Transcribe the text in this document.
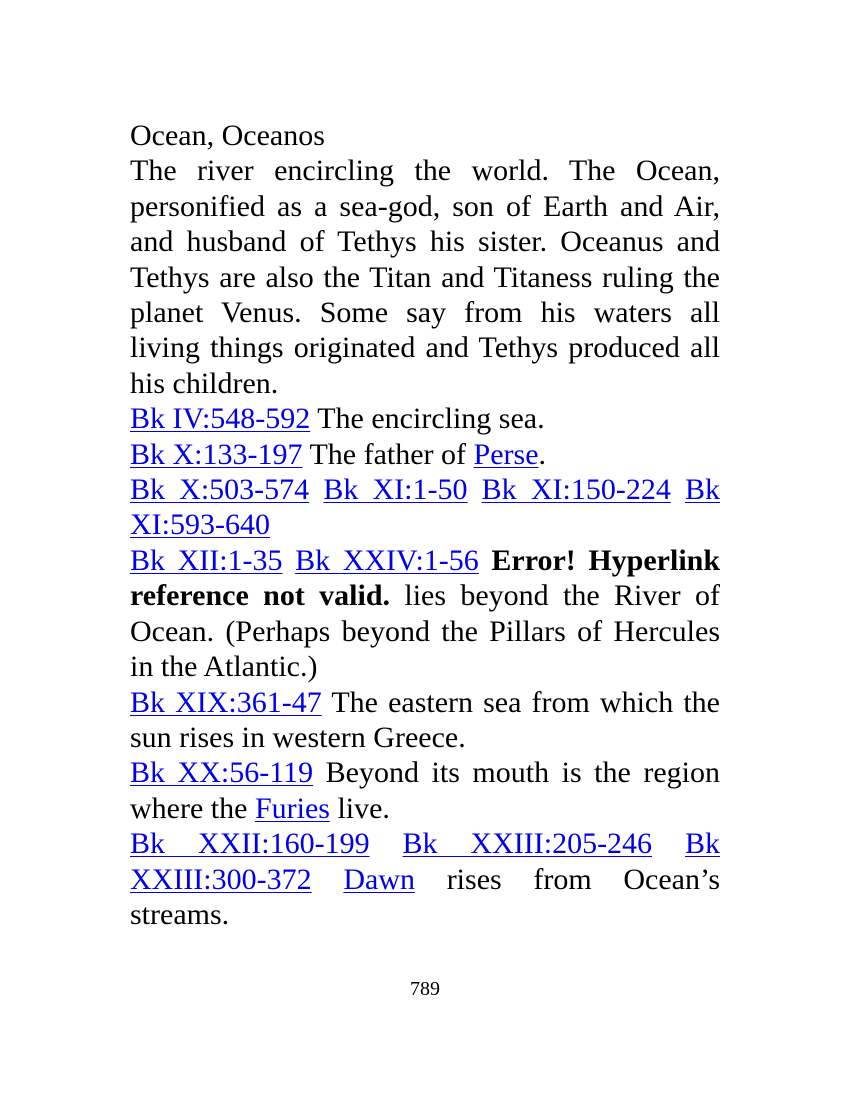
Ocean, Oceanos

The river encircling the world. The Ocean, personified as a sea-god, son of Earth and Air, and husband of Tethys his sister. Oceanus and Tethys are also the Titan and Titaness ruling the planet Venus. Some say from his waters all living things originated and Tethys produced all his children.

Bk IV:548-592 The encircling sea.

Bk X:133-197 The father of Perse.

Bk X:503-574 Bk XI:1-50 Bk XI:150-224 Bk XI:593-640

Bk XII:1-35 Bk XXIV:1-56 Error! Hyperlink reference not valid. lies beyond the River of Ocean. (Perhaps beyond the Pillars of Hercules in the Atlantic.)

Bk XIX:361-47 The eastern sea from which the sun rises in western Greece.

Bk XX:56-119 Beyond its mouth is the region where the Furies live.

Bk XXII:160-199 Bk XXIII:205-246 Bk XXIII:300-372 Dawn rises from Ocean’s streams.

789
